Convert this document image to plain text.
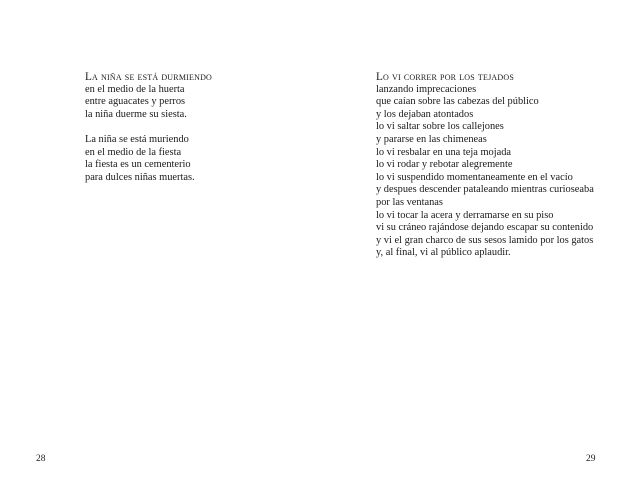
La niña se está durmiendo
en el medio de la huerta
entre aguacates y perros
la niña duerme su siesta.
La niña se está muriendo
en el medio de la fiesta
la fiesta es un cementerio
para dulces niñas muertas.
28
Lo vi correr por los tejados
lanzando imprecaciones
que caían sobre las cabezas del público
y los dejaban atontados
lo vi saltar sobre los callejones
y pararse en las chimeneas
lo vi resbalar en una teja mojada
lo vi rodar y rebotar alegremente
lo vi suspendido momentaneamente en el vacío
y despues descender pataleando mientras curioseaba
por las ventanas
lo vi tocar la acera y derramarse en su piso
vi su cráneo rajándose dejando escapar su contenido
y vi el gran charco de sus sesos lamido por los gatos
y, al final, vi al público aplaudir.
29
